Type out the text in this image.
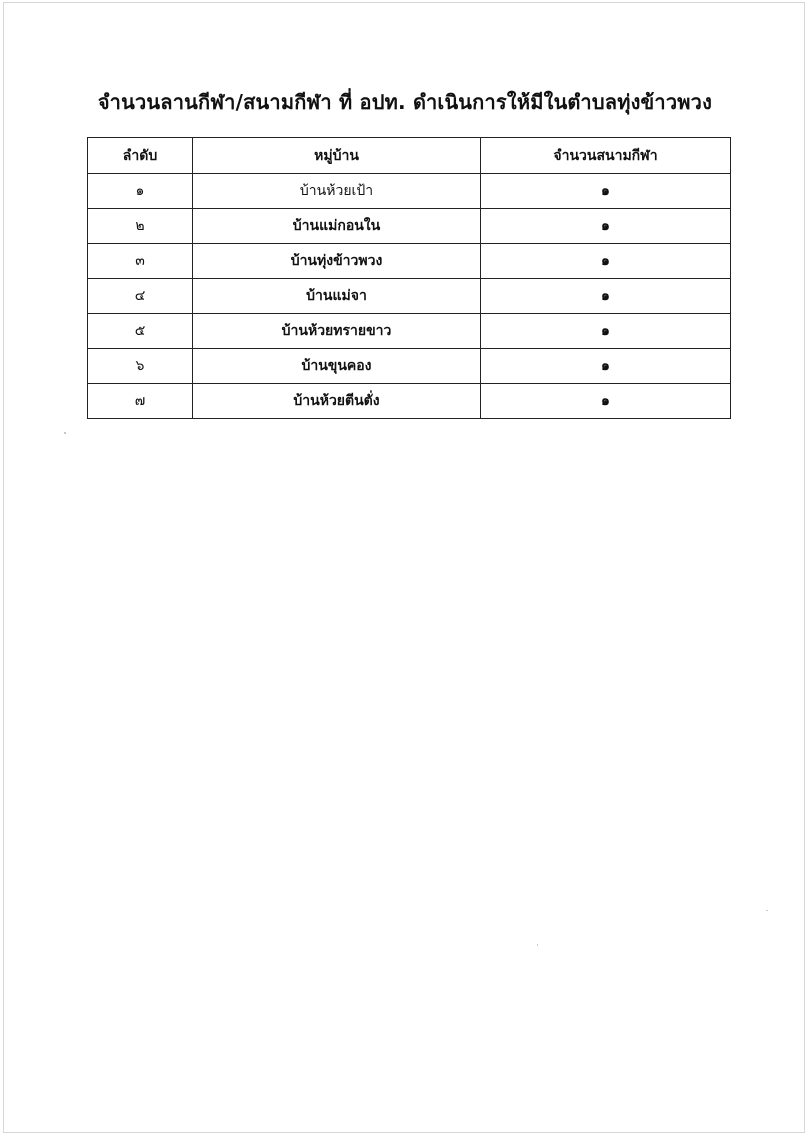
จำนวนลานกีฬา/สนามกีฬา ที่ อปท. ดำเนินการให้มีในตำบลทุ่งข้าวพวง
ลำดับ	หมู่บ้าน	จำนวนสนามกีฬา
๑	บ้านห้วยเป้า	๑
๒	บ้านแม่กอนใน	๑
๓	บ้านทุ่งข้าวพวง	๑
๔	บ้านแม่จา	๑
๕	บ้านห้วยทรายขาว	๑
๖	บ้านขุนคอง	๑
๗	บ้านห้วยตีนตั่ง	๑
